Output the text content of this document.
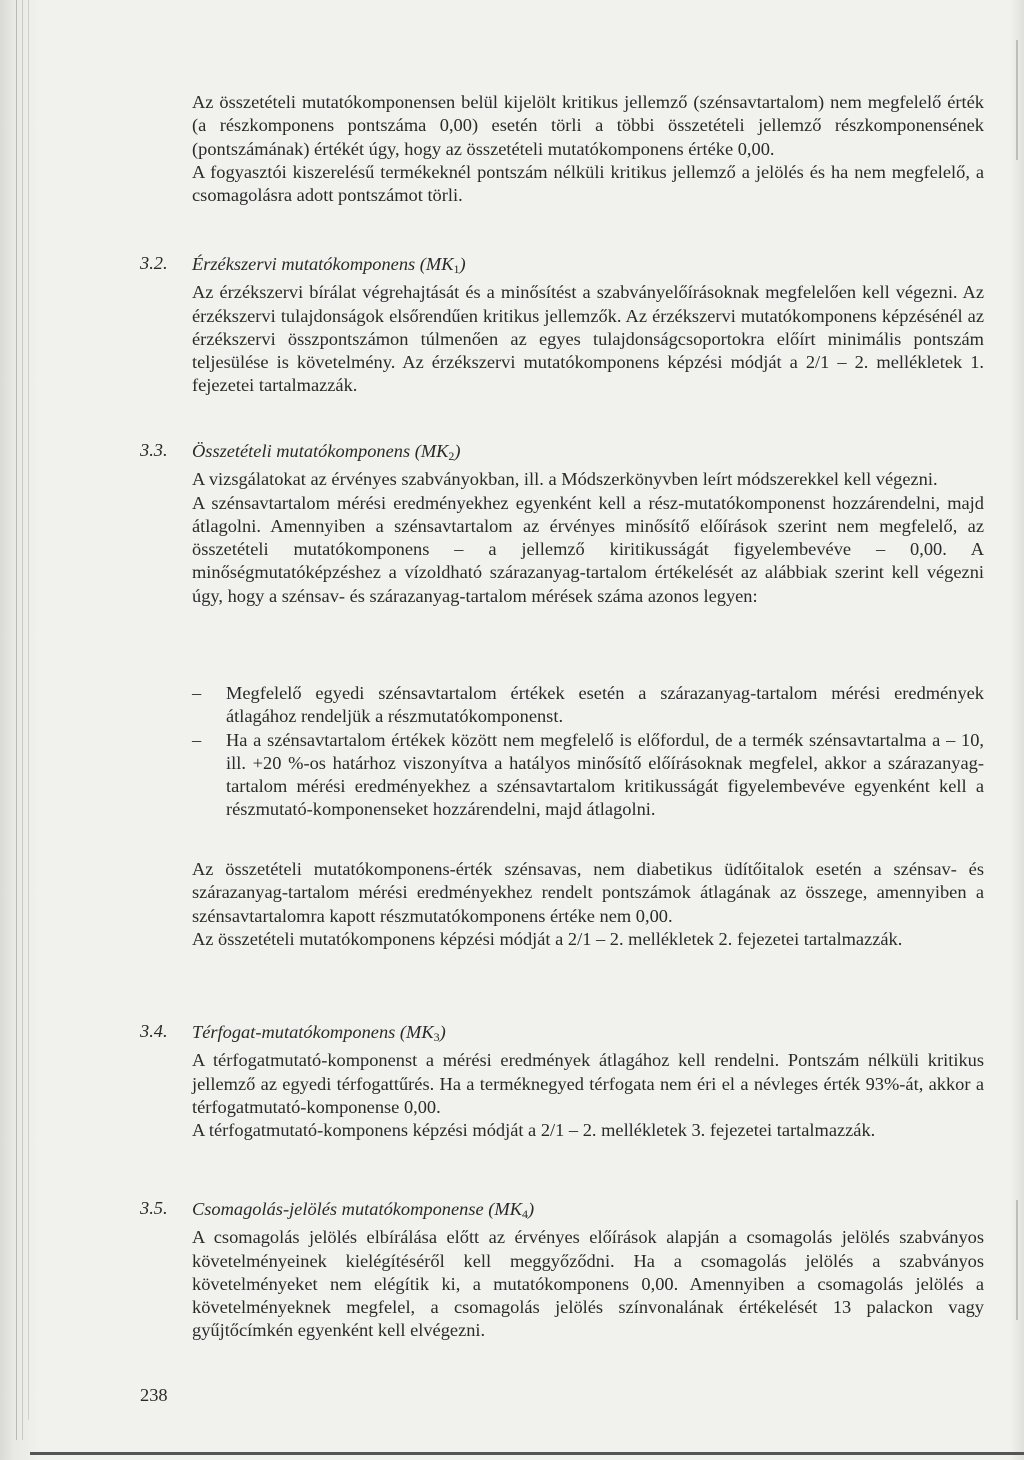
Az összetételi mutatókomponensen belül kijelölt kritikus jellemző (szénsavtartalom) nem megfelelő érték (a részkomponens pontszáma 0,00) esetén törli a többi összetételi jellemző részkomponensének (pontszámának) értékét úgy, hogy az összetételi mutatókomponens értéke 0,00.

A fogyasztói kiszerelésű termékeknél pontszám nélküli kritikus jellemző a jelölés és ha nem megfelelő, a csomagolásra adott pontszámot törli.

3.2. Érzékszervi mutatókomponens $(MK_1)$

Az érzékszervi bírálat végrehajtását és a minősítést a szabványelőírásoknak megfelelően kell végezni. Az érzékszervi tulajdonságok elsőrendűen kritikus jellemzők. Az érzékszervi mutatókomponens képzésénél az érzékszervi összpontszámon túlmenően az egyes tulajdonságcsoportokra előírt minimális pontszám teljesülése is követelmény. Az érzékszervi mutatókomponens képzési módját a 2/1 – 2. mellékletek 1. fejezetei tartalmazzák.

3.3. Összetételi mutatókomponens $(MK_2)$

A vizsgálatokat az érvényes szabványokban, ill. a Módszerkönyvben leírt módszerekkel kell végezni.

A szénsavtartalom mérési eredményekhez egyenként kell a rész-mutatókomponenst hozzárendelni, majd átlagolni. Amennyiben a szénsavtartalom az érvényes minősítő előírások szerint nem megfelelő, az összetételi mutatókomponens – a jellemző kiritikusságát figyelembevéve – 0,00. A minőségmutatóképzéshez a vízoldható szárazanyag-tartalom értékelését az alábbiak szerint kell végezni úgy, hogy a szénsav- és szárazanyag-tartalom mérések száma azonos legyen:

– Megfelelő egyedi szénsavtartalom értékek esetén a szárazanyag-tartalom mérési eredmények átlagához rendeljük a részmutatókomponenst.

– Ha a szénsavtartalom értékek között nem megfelelő is előfordul, de a termék szénsavtartalma a – 10, ill. +20 %-os határhoz viszonyítva a hatályos minősítő előírásoknak megfelel, akkor a szárazanyag-tartalom mérési eredményekhez a szénsavtartalom kritikusságát figyelembevéve egyenként kell a részmutató-komponenseket hozzárendelni, majd átlagolni.

Az összetételi mutatókomponens-érték szénsavas, nem diabetikus üdítőitalok esetén a szénsav- és szárazanyag-tartalom mérési eredményekhez rendelt pontszámok átlagának az összege, amennyiben a szénsavtartalomra kapott részmutatókomponens értéke nem 0,00.

Az összetételi mutatókomponens képzési módját a 2/1 – 2. mellékletek 2. fejezetei tartalmazzák.

3.4. Térfogat-mutatókomponens $(MK_3)$

A térfogatmutató-komponenst a mérési eredmények átlagához kell rendelni. Pontszám nélküli kritikus jellemző az egyedi térfogattűrés. Ha a terméknegyed térfogata nem éri el a névleges érték 93%-át, akkor a térfogatmutató-komponense 0,00.

A térfogatmutató-komponens képzési módját a 2/1 – 2. mellékletek 3. fejezetei tartalmazzák.

3.5. Csomagolás-jelölés mutatókomponense $(MK_4)$

A csomagolás jelölés elbírálása előtt az érvényes előírások alapján a csomagolás jelölés szabványos követelményeinek kielégítéséről kell meggyőződni. Ha a csomagolás jelölés a szabványos követelményeket nem elégítik ki, a mutatókomponens 0,00. Amennyiben a csomagolás jelölés a követelményeknek megfelel, a csomagolás jelölés színvonalának értékelését 13 palackon vagy gyűjtőcímkén egyenként kell elvégezni.

238
